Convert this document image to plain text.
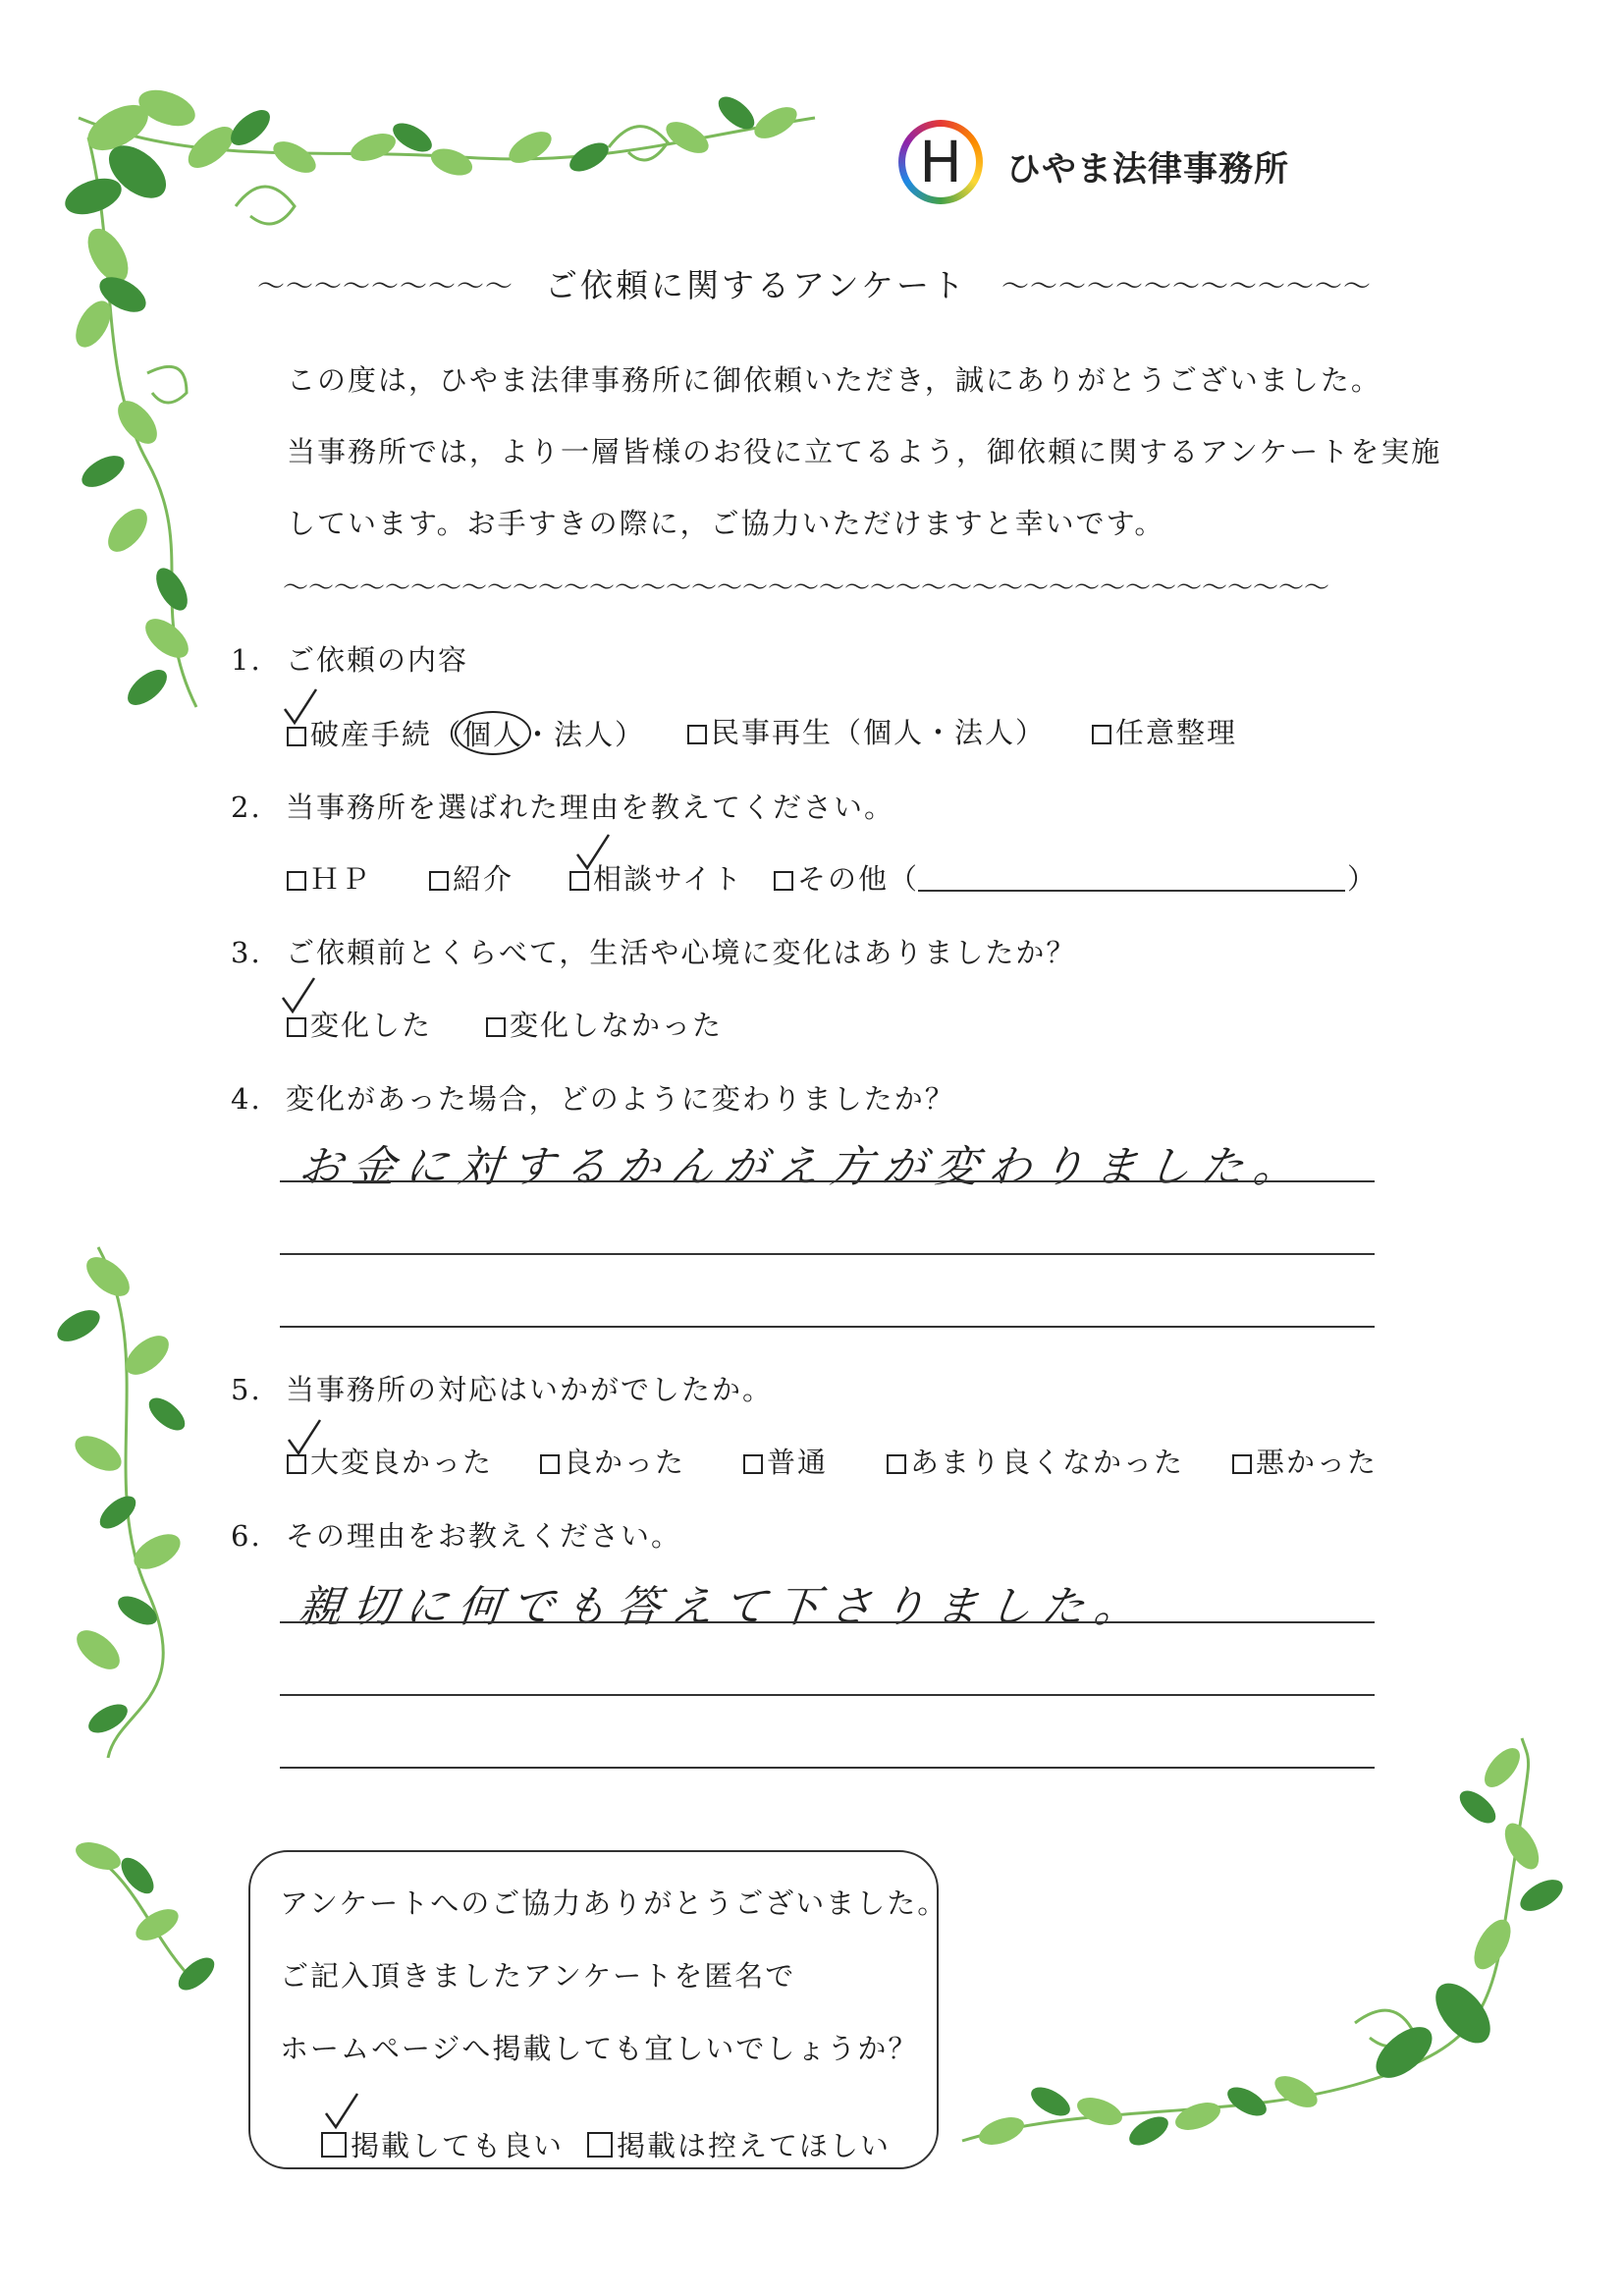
H	ひやま法律事務所
～～～～～～～～～ ご依頼に関するアンケート ～～～～～～～～～～～～～
この度は，ひやま法律事務所に御依頼いただき，誠にありがとうございました。
当事務所では，より一層皆様のお役に立てるよう，御依頼に関するアンケートを実施
しています。お手すきの際に，ご協力いただけますと幸いです。
～～～～～～～～～～～～～～～～～～～～～～～～～～～～～～～～～～～～～～～～～
1. ご依頼の内容
破産手続（個人・法人）	民事再生（個人・法人）	任意整理
2. 当事務所を選ばれた理由を教えてください。
ＨＰ	紹介	相談サイト	その他（	）
3. ご依頼前とくらべて，生活や心境に変化はありましたか？
変化した	変化しなかった
4. 変化があった場合，どのように変わりましたか？
お金に対するかんがえ方が変わりました。
5. 当事務所の対応はいかがでしたか。
大変良かった	良かった	普通	あまり良くなかった	悪かった
6. その理由をお教えください。
親切に何でも答えて下さりました。
アンケートへのご協力ありがとうございました。
ご記入頂きましたアンケートを匿名で
ホームページへ掲載しても宜しいでしょうか？
掲載しても良い	掲載は控えてほしい
